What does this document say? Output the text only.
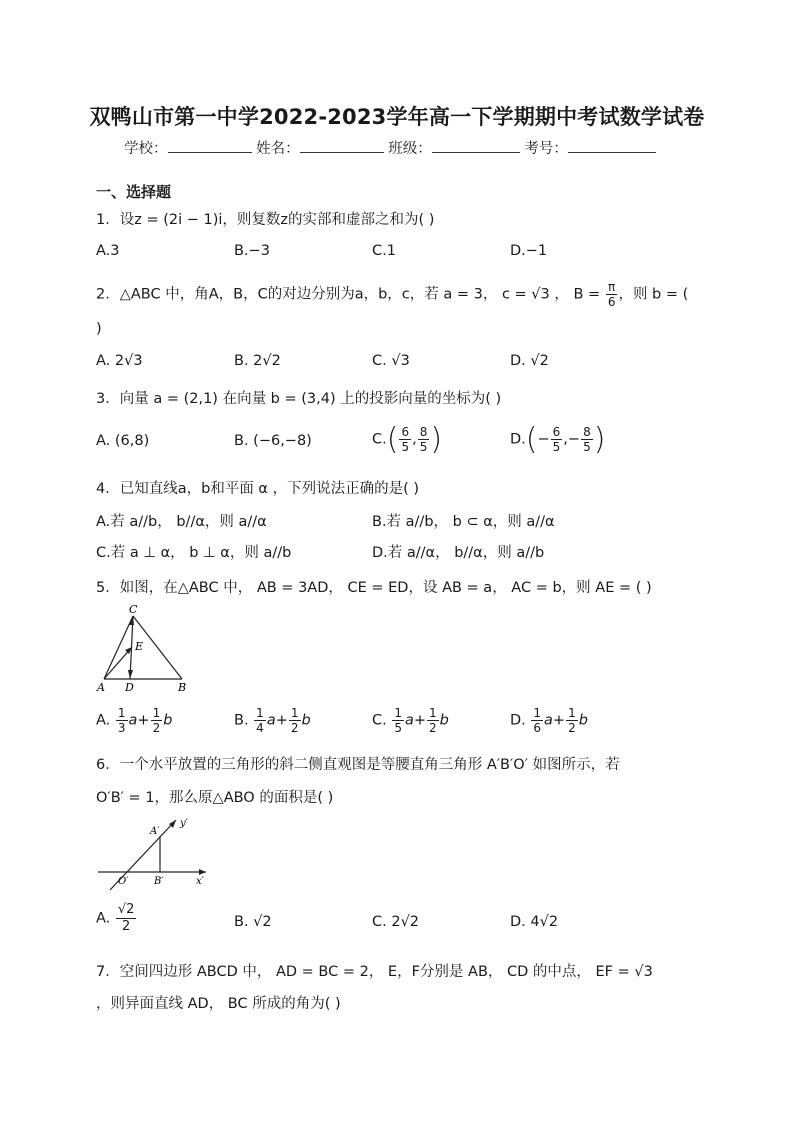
双鸭山市第一中学2022-2023学年高一下学期期中考试数学试卷
学校：	姓名：	班级：	考号：
一、选择题
1．设z = (2i − 1)i，则复数z的实部和虚部之和为( )
A.3	B.−3	C.1	D.−1
2．△ABC 中，角A，B，C的对边分别为a，b，c，若 a = 3， c = √3 ， $B = \frac{\pi}{6}$ ，则 b = (
)
A. 2√3	B. 2√2	C. √3	D. √2
3．向量 a = (2,1) 在向量 b = (3,4) 上的投影向量的坐标为( )
A. (6,8)	B. (−6,−8)	$C.( \frac{6}{5}$ , $\frac{8}{5}$ )	$D.(- \frac{6}{5}$ ,− $\frac{8}{5}$ )
4．已知直线a，b和平面 α ，下列说法正确的是( )
A.若 a//b， b//α，则 a//α	B.若 a//b， b ⊂ α，则 a//α
C.若 a ⊥ α， b ⊥ α，则 a//b	D.若 a//α， b//α，则 a//b
5．如图，在△ABC 中， AB = 3AD， CE = ED，设 AB = a， AC = b，则 AE = ( )
C
E
A D	B
A. $\frac{1}{3} a+ \frac{1}{2}$ b	B. $\frac{1}{4} a+ \frac{1}{2}$ b	C. $\frac{1}{5} a+ \frac{1}{2}$ b	D. $\frac{1}{6} a+ \frac{1}{2}$ b
6．一个水平放置的三角形的斜二侧直观图是等腰直角三角形 A′B′O′ 如图所示，若
O′B′ = 1，那么原△ABO 的面积是( )
y′
A′
O′	B′	x′
A. $\frac{√2}{2}$	B. √2	C. 2√2	D. 4√2
7．空间四边形 ABCD 中， AD = BC = 2， E，F分别是 AB， CD 的中点， EF = √3
，则异面直线 AD， BC 所成的角为( )
